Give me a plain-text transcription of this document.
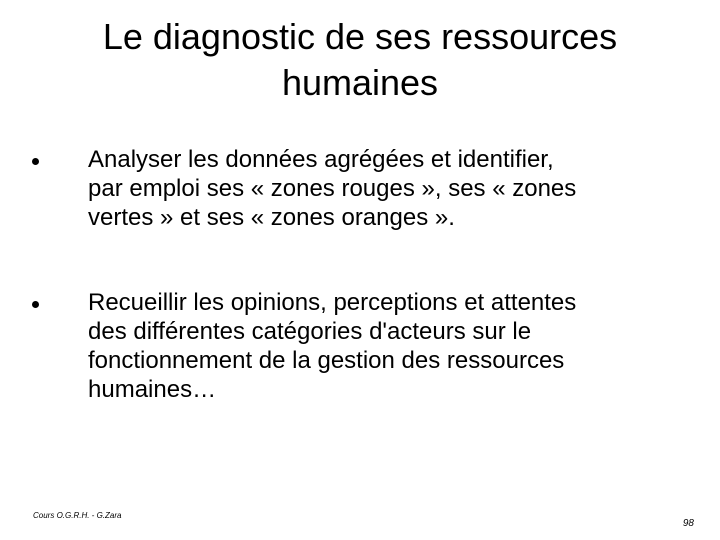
Le diagnostic de ses ressources
humaines
Analyser les données agrégées et identifier,
par emploi ses « zones rouges », ses « zones
vertes » et ses « zones oranges ».
Recueillir les opinions, perceptions et attentes
des différentes catégories d'acteurs sur le
fonctionnement de la gestion des ressources
humaines…
Cours O.G.R.H. - G.Zara
98
